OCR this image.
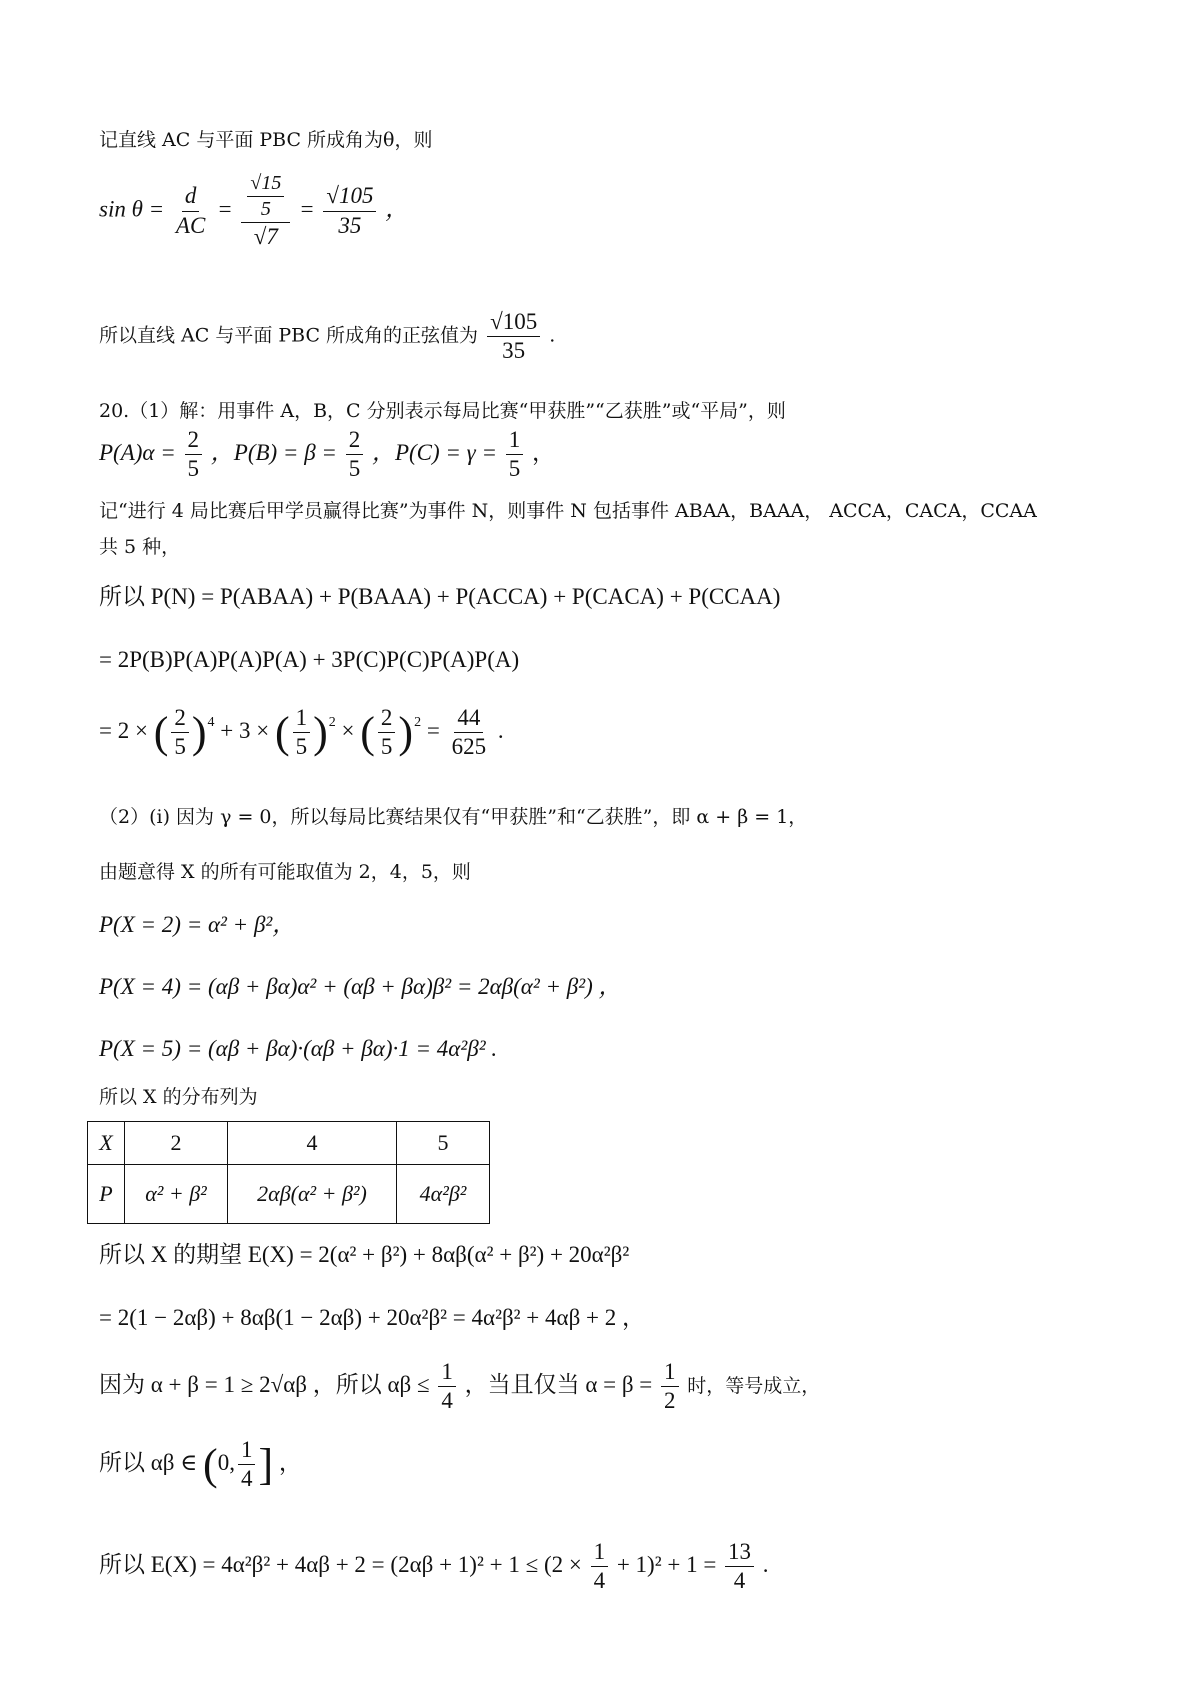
记直线 AC 与平面 PBC 所成角为θ，则
$\sin \theta = \frac{d}{AC} = \frac{\frac{√15}{5}}{√7} = \frac{√105}{35}$ ，
所以直线 AC 与平面 PBC 所成角的正弦值为 $\frac{√105}{35}$ .
20.（1）解：用事件 A，B，C 分别表示每局比赛“甲获胜”“乙获胜”或“平局”，则
$P(A)\alpha = \frac{2}{5}$ ，$P(B) = \beta = \frac{2}{5}$ ，$P(C) = \gamma = \frac{1}{5}$ ，
记“进行 4 局比赛后甲学员赢得比赛”为事件 N，则事件 N 包括事件 ABAA，BAAA， ACCA，CACA，CCAA
共 5 种，
所以 P(N) = P(ABAA) + P(BAAA) + P(ACCA) + P(CACA) + P(CCAA)
= 2P(B)P(A)P(A)P(A) + 3P(C)P(C)P(A)P(A)
= 2 × ( $\frac{2}{5} )^4 + 3$ × ( $\frac{1}{5} )^2$ × ( $\frac{2}{5} )^2 = \frac{44}{625}$ .
（2）(i) 因为 γ = 0，所以每局比赛结果仅有“甲获胜”和“乙获胜”，即 α + β = 1，
由题意得 X 的所有可能取值为 2，4，5，则
P(X = 2) = α² + β²，
P(X = 4) = (αβ + βα)α² + (αβ + βα)β² = 2αβ(α² + β²) ，
P(X = 5) = (αβ + βα)·(αβ + βα)·1 = 4α²β² .
所以 X 的分布列为
X	2	4	5
P	α² + β²	2αβ(α² + β²)	4α²β²
所以 X 的期望 E(X) = 2(α² + β²) + 8αβ(α² + β²) + 20α²β²
= 2(1 − 2αβ) + 8αβ(1 − 2αβ) + 20α²β² = 4α²β² + 4αβ + 2 ，
因为 α + β = 1 ≥ 2√αβ ，所以 $\alpha\beta \le \frac{1}{4}$ ，当且仅当 $\alpha = \beta = \frac{1}{2}$ 时，等号成立，
所以 αβ ∈ (0, $\frac{1}{4}$ ] ，
所以 $E(X) = 4\alpha^2\beta^2 + 4\alpha\beta + 2 = (2\alpha\beta + 1)^2 + 1 \le (2 \times \frac{1}{4} + 1)^2 + 1 = \frac{13}{4}$ .
